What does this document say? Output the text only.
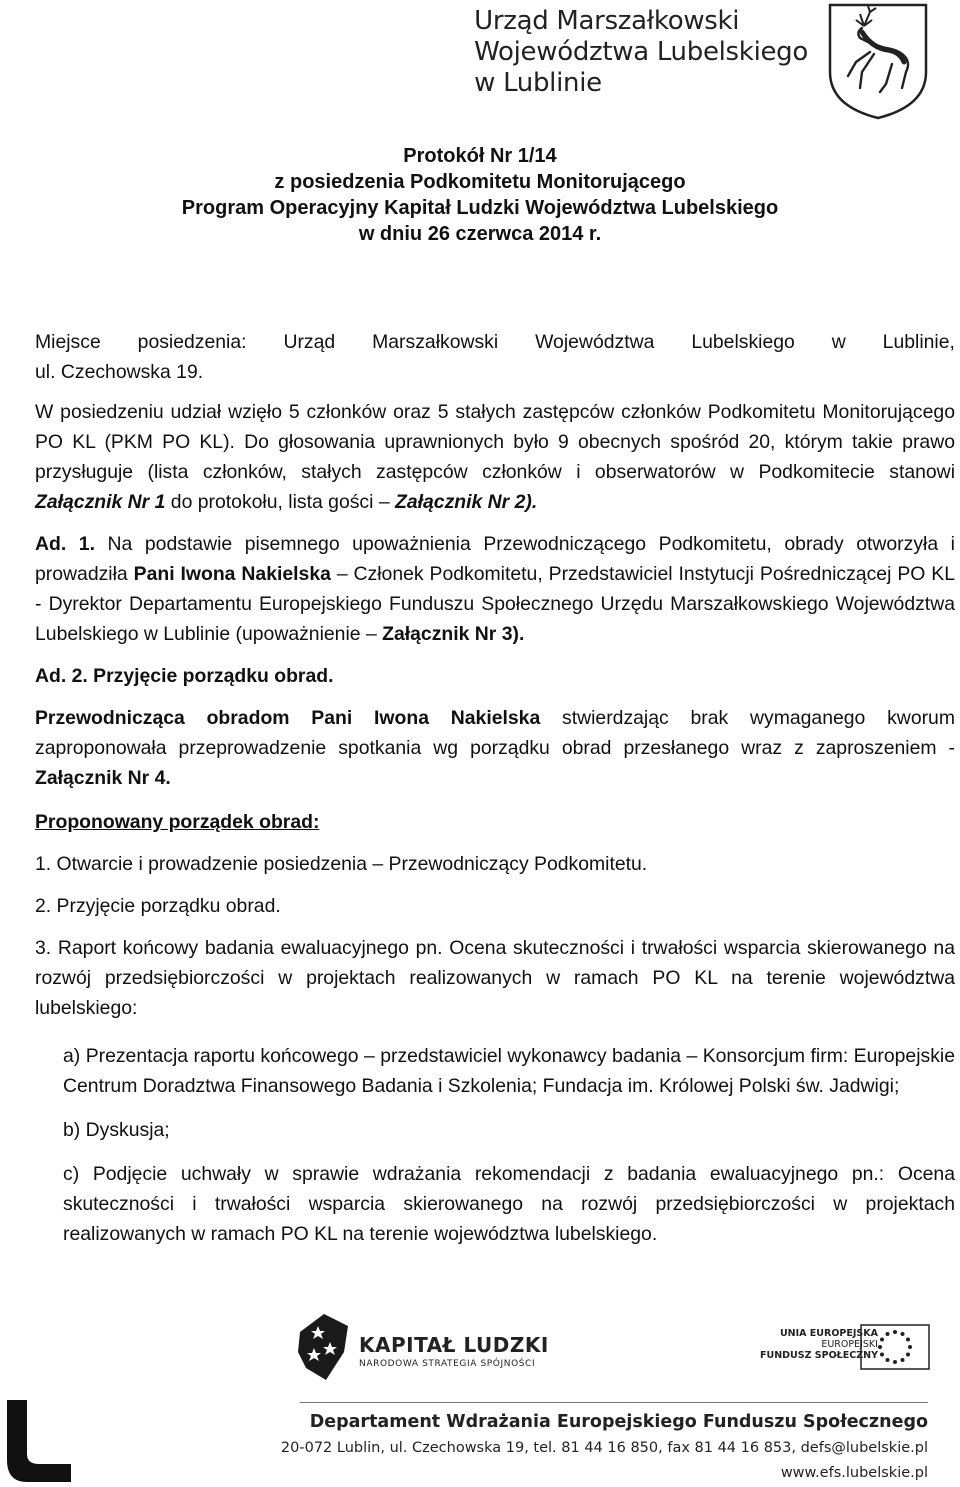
Urząd Marszałkowski
Województwa Lubelskiego
w Lublinie
Protokół Nr 1/14
z posiedzenia Podkomitetu Monitorującego
Program Operacyjny Kapitał Ludzki Województwa Lubelskiego
w dniu 26 czerwca 2014 r.
Miejsce posiedzenia: Urząd Marszałkowski Województwa Lubelskiego w Lublinie,
ul. Czechowska 19.

W posiedzeniu udział wzięło 5 członków oraz 5 stałych zastępców członków Podkomitetu Monitorującego PO KL (PKM PO KL). Do głosowania uprawnionych było 9 obecnych spośród 20, którym takie prawo przysługuje (lista członków, stałych zastępców członków i obserwatorów w Podkomitecie stanowi Załącznik Nr 1 do protokołu, lista gości – Załącznik Nr 2).

Ad. 1. Na podstawie pisemnego upoważnienia Przewodniczącego Podkomitetu, obrady otworzyła i prowadziła Pani Iwona Nakielska – Członek Podkomitetu, Przedstawiciel Instytucji Pośredniczącej PO KL - Dyrektor Departamentu Europejskiego Funduszu Społecznego Urzędu Marszałkowskiego Województwa Lubelskiego w Lublinie (upoważnienie – Załącznik Nr 3).

Ad. 2. Przyjęcie porządku obrad.

Przewodnicząca obradom Pani Iwona Nakielska stwierdzając brak wymaganego kworum zaproponowała przeprowadzenie spotkania wg porządku obrad przesłanego wraz z zaproszeniem - Załącznik Nr 4.

Proponowany porządek obrad:

1. Otwarcie i prowadzenie posiedzenia – Przewodniczący Podkomitetu.

2. Przyjęcie porządku obrad.

3. Raport końcowy badania ewaluacyjnego pn. Ocena skuteczności i trwałości wsparcia skierowanego na rozwój przedsiębiorczości w projektach realizowanych w ramach PO KL na terenie województwa lubelskiego:

a) Prezentacja raportu końcowego – przedstawiciel wykonawcy badania – Konsorcjum firm: Europejskie Centrum Doradztwa Finansowego Badania i Szkolenia; Fundacja im. Królowej Polski św. Jadwigi;

b) Dyskusja;

c) Podjęcie uchwały w sprawie wdrażania rekomendacji z badania ewaluacyjnego pn.: Ocena skuteczności i trwałości wsparcia skierowanego na rozwój przedsiębiorczości w projektach realizowanych w ramach PO KL na terenie województwa lubelskiego.

KAPITAŁ LUDZKI
NARODOWA STRATEGIA SPÓJNOŚCI
UNIA EUROPEJSKA
EUROPEJSKI
FUNDUSZ SPOŁECZNY
Departament Wdrażania Europejskiego Funduszu Społecznego
20-072 Lublin, ul. Czechowska 19, tel. 81 44 16 850, fax 81 44 16 853, defs@lubelskie.pl
www.efs.lubelskie.pl
